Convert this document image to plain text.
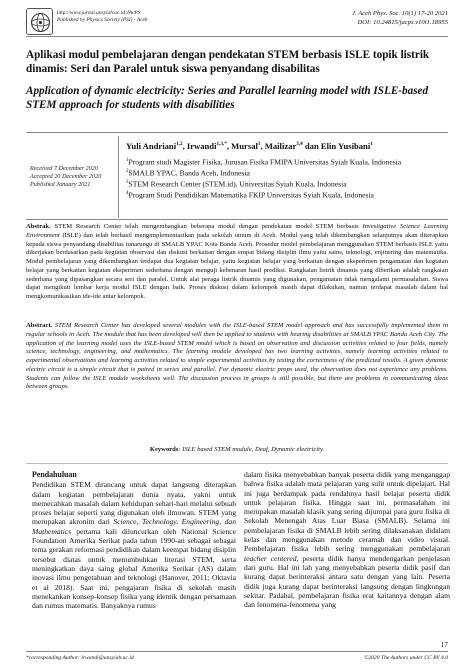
http://www.jurnal.unsyiah.ac.id/JAcPS
Published by Physics Society (PSI) - Aceh
J. Aceh Phys. Soc. 10(1) 17-20 2021
DOI: 10.24815/jacps.v10i1.18955
Aplikasi modul pembelajaran dengan pendekatan STEM berbasis ISLE topik listrik dinamis: Seri dan Paralel untuk siswa penyandang disabilitas
Application of dynamic electricity: Series and Parallel learning model with ISLE-based STEM approach for students with disabilities
Received 7 December 2020
Accepted 20 December 2020
Published January 2021
Yuli Andriani$^{1,2}$, Irwandi$^{1,3,*}$, Mursal$^1$, Mailizar$^{3,4}$ dan Elin Yusibani$^1$
$^1$Program studi Magister Fisika, Jurusan Fisika FMIPA Universitas Syiah Kuala, Indonesia
$^2$SMALB YPAC, Banda Aceh, Indonesia
$^3$STEM Research Center (STEM.id), Universitas Syiah Kuala, Indonesia
$^4$Program Studi Pendidikan Matematika FKIP Universitas Syiah Kuala, Indonesia
Abstrak. STEM Research Center telah mengembangkan beberapa modul dengan pendekatan model STEM berbasis Investigative Science Learning Environment (ISLE) dan telah berhasil mengimplementasikan pada sekolah umum di Aceh. Modul yang telah dikembangkan selanjutnya akan diterapkan kepada siswa penyandang disabilitas tunarungu di SMALB YPAC Kota Banda Aceh. Prosedur model pembelajaran menggunakan STEM berbasis ISLE yaitu dikerjakan berdasarkan pada kegiatan observasi dan diskusi berkaitan dengan empat bidang disiplin ilmu yaitu sains, teknologi, enjinering dan matematika. Modul pembelajaran yang dikembangkan terdapat dua kegiatan belajar, yaitu kegiatan belajar yang berkaitan dengan eksperimen pengamatan dan kegiatan belajar yang berkaitan kegiatan eksperimen sederhana dengan menguji kebenaran hasil prediksi. Rangkaian listrik dinamis yang diberikan adalah rangkaian sederhana yang dipasangkan secara seri dan paralel. Untuk alat peraga listrik dinamis yang digunakan, pengamatan tidak mengalami permasalahan. Siswa dapat mengikuti lembar kerja modul ISLE dengan baik. Proses diskusi dalam kelompok masih dapat dilakukan, namun terdapat masalah dalam hal mengkomunikasikan ide-ide antar kelompok.
Abstract. STEM Research Center has developed several modules with the ISLE-based STEM model approach and has successfully implemented them in regular schools in Aceh. The module that has been developed will then be applied to students with hearing disabilities at SMALB YPAC Banda Aceh City. The application of the learning model uses the ISLE-based STEM model which is based on observation and discussion activities related to four fields, namely science, technology, engineering, and mathematics. The learning module developed has two learning activities, namely learning activities related to experimental observations and learning activities related to simple experimental activities by testing the correctness of the predicted results. A given dynamic electric circuit is a simple circuit that is paired in series and parallel. For dynamic electric props used, the observation does not experience any problems. Students can follow the ISLE module worksheets well. The discussion process in groups is still possible, but there are problems in communicating ideas between groups.
Keywords: ISLE based STEM module, Deaf, Dynamic electricity.
Pendahuluan
Pendidikan STEM dirancang untuk dapat langsung diterapkan dalam kegiatan pembelajaran dunia nyata, yakni untuk memecahkan masalah dalam kehidupan sehari-hari melalui sebuah proses belajar seperti yang digunakan oleh ilmuwan. STEM yang merupakan akronim dari Science, Technology, Engineering, dan Mathematics pertama kali diluncurkan oleh National Science Foundation Amerika Serikat pada tahun 1990-an sebagai sebagai tema gerakan reformasi pendidikan dalam keempat bidang disiplin tersebut diatas untuk menumbuhkan literasi STEM, serta meningkatkan daya saing global Amerika Serikat (AS) dalam inovasi ilmu pengetahuan and teknologi (Hanover, 2011; Oktavia et al 2018). Saat ini, pengajaran fisika di sekolah masih menekankan konsep-konsep fisika yang identik dengan persamaan dan rumus matematis. Banyaknya rumus
dalam fisika menyebabkan banyak peserta didik yang menganggap bahwa fisika adalah mata pelajaran yang sulit untuk dipelajari. Hal ini juga berdampak pada rendahnya hasil belajar peserta didik untuk pelajaran fisika. Hingga saat ini, permasalahan ini merupakan masalah klasik yang sering dijumpai para guru fisika di Sekolah Menengah Atas Luar Biasa (SMALB). Selama ini pembelajaran fisika di SMALB lebih sering dilaksanakan didalam kelas dan menggunakan metode ceramah dan video visual. Pembelajaran fisika lebih sering menggunakan pembelajaran teacher centered, peserta didik hanya mendengarkan penjelasan dari guru. Hal ini lah yang menyebabkan peserta didik pasif dan kurang dapat berinteraksi antara satu dengan yang lain. Peserta didik juga kurang dapat berinteraksi langsung dengan lingkungan sekitar. Padahal, pembelajaran fisika erat kaitannya dengan alam dan fenomena-fenomena yang
17
*corresponding Author: irwandi@unsyiah.ac.id	©2020 The Authors under CC BY 4.0
